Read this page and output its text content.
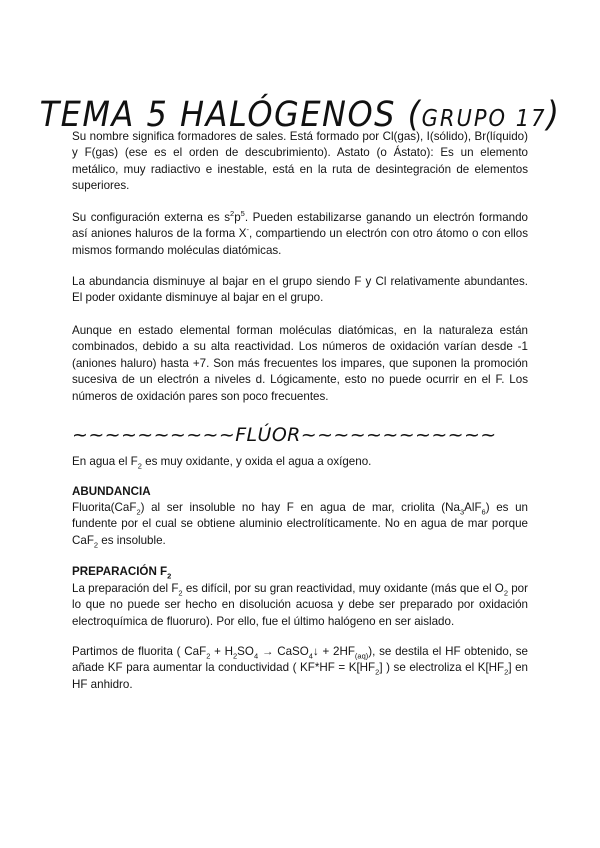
TEMA 5 HALÓGENOS (GRUPO 17)

Su nombre significa formadores de sales. Está formado por Cl(gas), I(sólido), Br(líquido) y F(gas) (ese es el orden de descubrimiento). Astato (o Ástato): Es un elemento metálico, muy radiactivo e inestable, está en la ruta de desintegración de elementos superiores.

Su configuración externa es $s^2p^5$. Pueden estabilizarse ganando un electrón formando así aniones haluros de la forma X-, compartiendo un electrón con otro átomo o con ellos mismos formando moléculas diatómicas.

La abundancia disminuye al bajar en el grupo siendo F y Cl relativamente abundantes. El poder oxidante disminuye al bajar en el grupo.

Aunque en estado elemental forman moléculas diatómicas, en la naturaleza están combinados, debido a su alta reactividad. Los números de oxidación varían desde -1 (aniones haluro) hasta +7. Son más frecuentes los impares, que suponen la promoción sucesiva de un electrón a niveles d. Lógicamente, esto no puede ocurrir en el F. Los números de oxidación pares son poco frecuentes.

~~~~~~~~~~FLÚOR~~~~~~~~~~~~

En agua el $F_2$ es muy oxidante, y oxida el agua a oxígeno.

ABUNDANCIA

Fluorita(CaF$_2$) al ser insoluble no hay F en agua de mar, criolita $(Na_3AlF_6)$ es un fundente por el cual se obtiene aluminio electrolíticamente. No en agua de mar porque CaF$_2$ es insoluble.

PREPARACIÓN $F_2$

La preparación del $F_2$ es difícil, por su gran reactividad, muy oxidante (más que el $O_2$ por lo que no puede ser hecho en disolución acuosa y debe ser preparado por oxidación electroquímica de fluoruro). Por ello, fue el último halógeno en ser aislado.

Partimos de fluorita ( $CaF_2 + H_2SO_4$ → CaSO$_4$↓ + $2HF_{(aq)}$), se destila el HF obtenido, se añade KF para aumentar la conductividad ( $KF*HF = K[HF_2]$ ) se electroliza el $K[HF_2]$ en HF anhidro.
